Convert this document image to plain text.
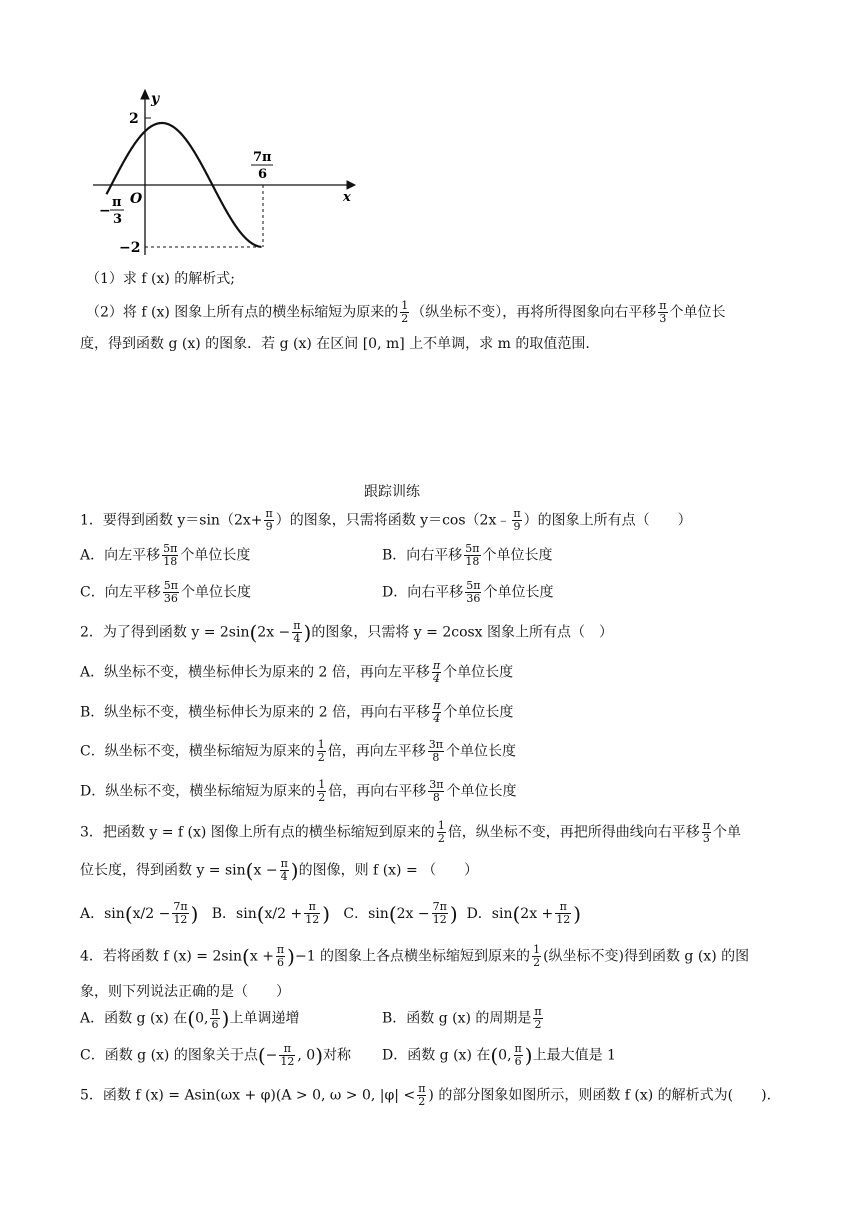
y
x
O
2
−2
−
π
3
7π
6
（1）求 f (x) 的解析式;
（2）将 f (x) 图象上所有点的横坐标缩短为原来的 $\frac{1}{2}$ （纵坐标不变），再将所得图象向右平移 $\frac{\pi}{3}$ 个单位长
度，得到函数 g (x) 的图象．若 g (x) 在区间 [0, m] 上不单调，求 m 的取值范围.
跟踪训练
1．要得到函数 $y=\sin(2x+ \frac{\pi}{9}$ ）的图象，只需将函数 y＝cos（2x﹣ $\frac{\pi}{9}$ ）的图象上所有点（　　）
A．向左平移 $\frac{5\pi}{18}$ 个单位长度	B．向右平移 $\frac{5\pi}{18}$ 个单位长度
C．向左平移 $\frac{5\pi}{36}$ 个单位长度	D．向右平移 $\frac{5\pi}{36}$ 个单位长度
2．为了得到函数 $y = 2\sin(2x - \frac{\pi}{4}$ )的图象，只需将 y = 2cosx 图象上所有点（　）
A．纵坐标不变，横坐标伸长为原来的 2 倍，再向左平移 $\frac{\pi}{4}$ 个单位长度
B．纵坐标不变，横坐标伸长为原来的 2 倍，再向右平移 $\frac{\pi}{4}$ 个单位长度
C．纵坐标不变，横坐标缩短为原来的 $\frac{1}{2}$ 倍，再向左平移 $\frac{3\pi}{8}$ 个单位长度
D．纵坐标不变，横坐标缩短为原来的 $\frac{1}{2}$ 倍，再向右平移 $\frac{3\pi}{8}$ 个单位长度
3．把函数 y = f (x) 图像上所有点的横坐标缩短到原来的 $\frac{1}{2}$ 倍，纵坐标不变，再把所得曲线向右平移 $\frac{\pi}{3}$ 个单
位长度，得到函数 $y = \sin(x - \frac{\pi}{4}$ )的图像，则 f (x) = （　　）
A．$\sin(x/2 - \frac{7\pi}{12}$ ) B．$\sin(x/2 + \frac{\pi}{12}$ ) C．$\sin(2x - \frac{7\pi}{12}$ ) D．$\sin(2x + \frac{\pi}{12}$ )
4．若将函数 f $(x) = 2\sin(x + \frac{\pi}{6} )-1$ 的图象上各点横坐标缩短到原来的 $\frac{1}{2}$ (纵坐标不变)得到函数 g (x) 的图
象，则下列说法正确的是（　　）
A．函数 g (x) 在(0, $\frac{\pi}{6}$ )上单调递增	B．函数 g (x) 的周期是 $\frac{\pi}{2}$
C．函数 g (x) 的图象关于点(− $\frac{\pi}{12}$ , 0)对称 D．函数 g (x) 在(0, $\frac{\pi}{6}$ )上最大值是 1
5．函数 f (x) = Asin(ωx + φ)(A > 0, ω > 0, $|\varphi| < \frac{\pi}{2}$ ) 的部分图象如图所示，则函数 f (x) 的解析式为(　　).
